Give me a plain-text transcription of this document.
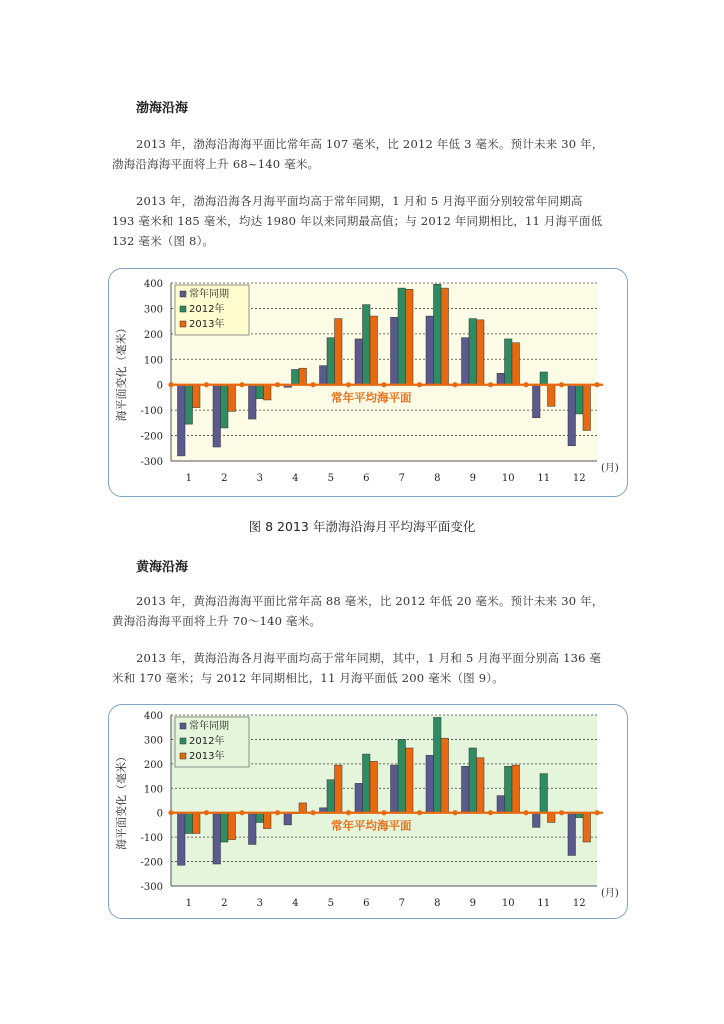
渤海沿海

2013 年，渤海沿海海平面比常年高 107 毫米，比 2012 年低 3 毫米。预计未来 30 年，渤海沿海海平面将上升 68~140 毫米。

2013 年，渤海沿海各月海平面均高于常年同期，1 月和 5 月海平面分别较常年同期高 193 毫米和 185 毫米，均达 1980 年以来同期最高值；与 2012 年同期相比，11 月海平面低 132 毫米（图 8）。

400
300
200
100
0
-100
-200
-300
海平面变化（毫米）
1	2	3	4	5	6	7	8	9	10 11 12
(月)
常年平均海平面
常年同期
2012年
2013年
图 8 2013 年渤海沿海月平均海平面变化
黄海沿海

2013 年，黄海沿海海平面比常年高 88 毫米，比 2012 年低 20 毫米。预计未来 30 年，黄海沿海海平面将上升 70～140 毫米。

2013 年，黄海沿海各月海平面均高于常年同期，其中，1 月和 5 月海平面分别高 136 毫米和 170 毫米；与 2012 年同期相比，11 月海平面低 200 毫米（图 9）。

400
300
200
100
0
-100
-200
-300
海平面变化（毫米）
1	2	3	4	5	6	7	8	9	10 11 12
(月)
常年平均海平面
常年同期
2012年
2013年
